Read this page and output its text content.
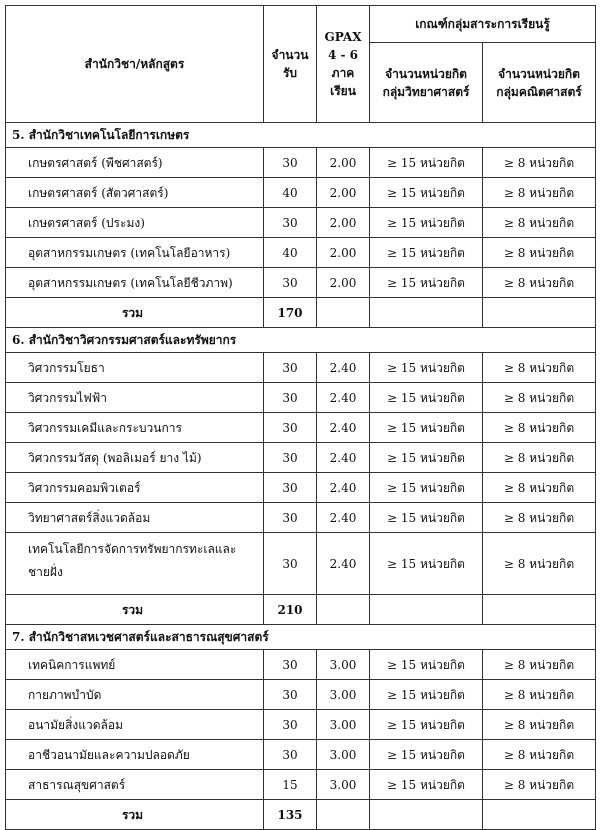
สำนักวิชา/หลักสูตร	จำนวนรับ	GPAX 4 - 6 ภาคเรียน	เกณฑ์กลุ่มสาระการเรียนรู้	
			จำนวนหน่วยกิตกลุ่มวิทยาศาสตร์	จำนวนหน่วยกิตกลุ่มคณิตศาสตร์
5. สำนักวิชาเทคโนโลยีการเกษตร				
เกษตรศาสตร์ (พืชศาสตร์)	30	2.00	≥ 15 หน่วยกิต	≥ 8 หน่วยกิต
เกษตรศาสตร์ (สัตวศาสตร์)	40	2.00	≥ 15 หน่วยกิต	≥ 8 หน่วยกิต
เกษตรศาสตร์ (ประมง)	30	2.00	≥ 15 หน่วยกิต	≥ 8 หน่วยกิต
อุตสาหกรรมเกษตร (เทคโนโลยีอาหาร)	40	2.00	≥ 15 หน่วยกิต	≥ 8 หน่วยกิต
อุตสาหกรรมเกษตร (เทคโนโลยีชีวภาพ)	30	2.00	≥ 15 หน่วยกิต	≥ 8 หน่วยกิต
รวม	170			
6. สำนักวิชาวิศวกรรมศาสตร์และทรัพยากร				
วิศวกรรมโยธา	30	2.40	≥ 15 หน่วยกิต	≥ 8 หน่วยกิต
วิศวกรรมไฟฟ้า	30	2.40	≥ 15 หน่วยกิต	≥ 8 หน่วยกิต
วิศวกรรมเคมีและกระบวนการ	30	2.40	≥ 15 หน่วยกิต	≥ 8 หน่วยกิต
วิศวกรรมวัสดุ (พอลิเมอร์ ยาง ไม้)	30	2.40	≥ 15 หน่วยกิต	≥ 8 หน่วยกิต
วิศวกรรมคอมพิวเตอร์	30	2.40	≥ 15 หน่วยกิต	≥ 8 หน่วยกิต
วิทยาศาสตร์สิ่งแวดล้อม	30	2.40	≥ 15 หน่วยกิต	≥ 8 หน่วยกิต
เทคโนโลยีการจัดการทรัพยากรทะเลและชายฝั่ง	30	2.40	≥ 15 หน่วยกิต	≥ 8 หน่วยกิต
รวม	210			
7. สำนักวิชาสหเวชศาสตร์และสาธารณสุขศาสตร์				
เทคนิคการแพทย์	30	3.00	≥ 15 หน่วยกิต	≥ 8 หน่วยกิต
กายภาพบำบัด	30	3.00	≥ 15 หน่วยกิต	≥ 8 หน่วยกิต
อนามัยสิ่งแวดล้อม	30	3.00	≥ 15 หน่วยกิต	≥ 8 หน่วยกิต
อาชีวอนามัยและความปลอดภัย	30	3.00	≥ 15 หน่วยกิต	≥ 8 หน่วยกิต
สาธารณสุขศาสตร์	15	3.00	≥ 15 หน่วยกิต	≥ 8 หน่วยกิต
รวม	135			
